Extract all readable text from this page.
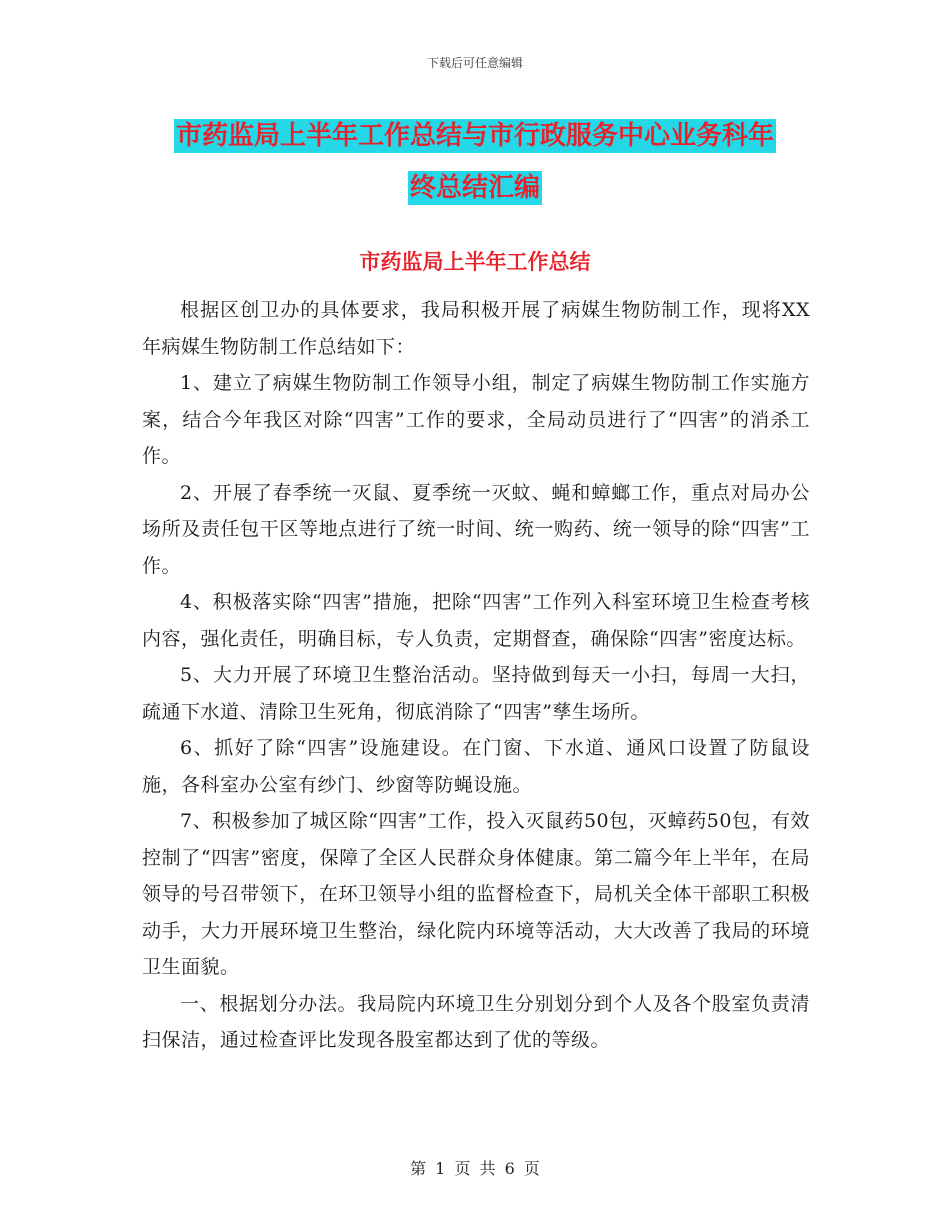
下载后可任意编辑
市药监局上半年工作总结与市行政服务中心业务科年
终总结汇编
市药监局上半年工作总结

根据区创卫办的具体要求，我局积极开展了病媒生物防制工作，现将XX年病媒生物防制工作总结如下：

1、建立了病媒生物防制工作领导小组，制定了病媒生物防制工作实施方案，结合今年我区对除“四害”工作的要求，全局动员进行了“四害”的消杀工作。

2、开展了春季统一灭鼠、夏季统一灭蚊、蝇和蟑螂工作，重点对局办公场所及责任包干区等地点进行了统一时间、统一购药、统一领导的除“四害”工作。

4、积极落实除“四害”措施，把除“四害”工作列入科室环境卫生检查考核内容，强化责任，明确目标，专人负责，定期督查，确保除“四害”密度达标。

5、大力开展了环境卫生整治活动。坚持做到每天一小扫，每周一大扫，疏通下水道、清除卫生死角，彻底消除了“四害”孳生场所。

6、抓好了除“四害”设施建设。在门窗、下水道、通风口设置了防鼠设施，各科室办公室有纱门、纱窗等防蝇设施。

7、积极参加了城区除“四害”工作，投入灭鼠药50包，灭蟑药50包，有效控制了“四害”密度，保障了全区人民群众身体健康。第二篇今年上半年，在局领导的号召带领下，在环卫领导小组的监督检查下，局机关全体干部职工积极动手，大力开展环境卫生整治，绿化院内环境等活动，大大改善了我局的环境卫生面貌。

一、根据划分办法。我局院内环境卫生分别划分到个人及各个股室负责清扫保洁，通过检查评比发现各股室都达到了优的等级。

第 1 页 共 6 页
